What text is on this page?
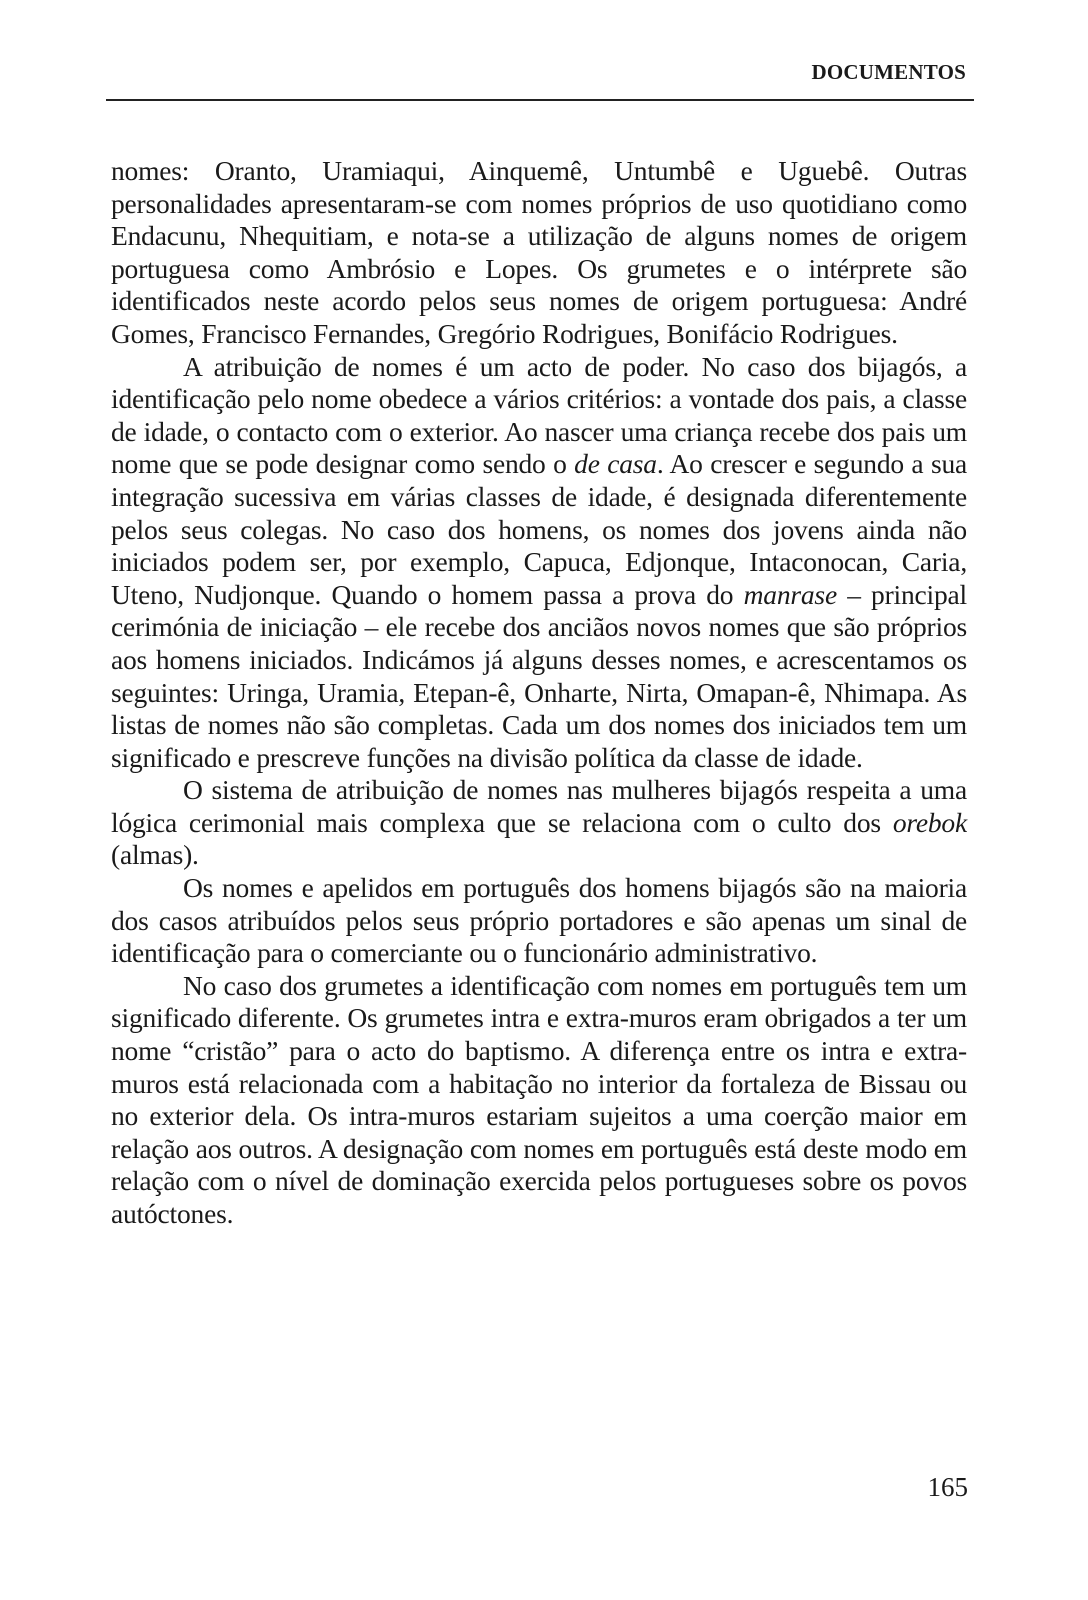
DOCUMENTOS

nomes: Oranto, Uramiaqui, Ainquemê, Untumbê e Uguebê. Outras personalidades apresentaram-se com nomes próprios de uso quotidiano como Endacunu, Nhequitiam, e nota-se a utilização de alguns nomes de origem portuguesa como Ambrósio e Lopes. Os grumetes e o intérprete são identificados neste acordo pelos seus nomes de origem portuguesa: André Gomes, Francisco Fernandes, Gregório Rodrigues, Bonifácio Rodrigues.

A atribuição de nomes é um acto de poder. No caso dos bijagós, a identificação pelo nome obedece a vários critérios: a vontade dos pais, a classe de idade, o contacto com o exterior. Ao nascer uma criança recebe dos pais um nome que se pode designar como sendo o de casa. Ao crescer e segundo a sua integração sucessiva em várias classes de idade, é designada diferentemente pelos seus colegas. No caso dos homens, os nomes dos jovens ainda não iniciados podem ser, por exemplo, Capuca, Edjonque, Intaconocan, Caria, Uteno, Nudjonque. Quando o homem passa a prova do manrase – principal cerimónia de iniciação – ele recebe dos anciãos novos nomes que são próprios aos homens iniciados. Indicámos já alguns desses nomes, e acrescentamos os seguintes: Uringa, Uramia, Etepan-ê, Onharte, Nirta, Omapan-ê, Nhimapa. As listas de nomes não são completas. Cada um dos nomes dos iniciados tem um significado e prescreve funções na divisão política da classe de idade.

O sistema de atribuição de nomes nas mulheres bijagós respeita a uma lógica cerimonial mais complexa que se relaciona com o culto dos orebok (almas).

Os nomes e apelidos em português dos homens bijagós são na maioria dos casos atribuídos pelos seus próprio portadores e são apenas um sinal de identificação para o comerciante ou o funcionário administrativo.

No caso dos grumetes a identificação com nomes em português tem um significado diferente. Os grumetes intra e extra-muros eram obrigados a ter um nome “cristão” para o acto do baptismo. A diferença entre os intra e extra-muros está relacionada com a habitação no interior da fortaleza de Bissau ou no exterior dela. Os intra-muros estariam sujeitos a uma coerção maior em relação aos outros. A designação com nomes em português está deste modo em relação com o nível de dominação exercida pelos portugueses sobre os povos autóctones.

165
